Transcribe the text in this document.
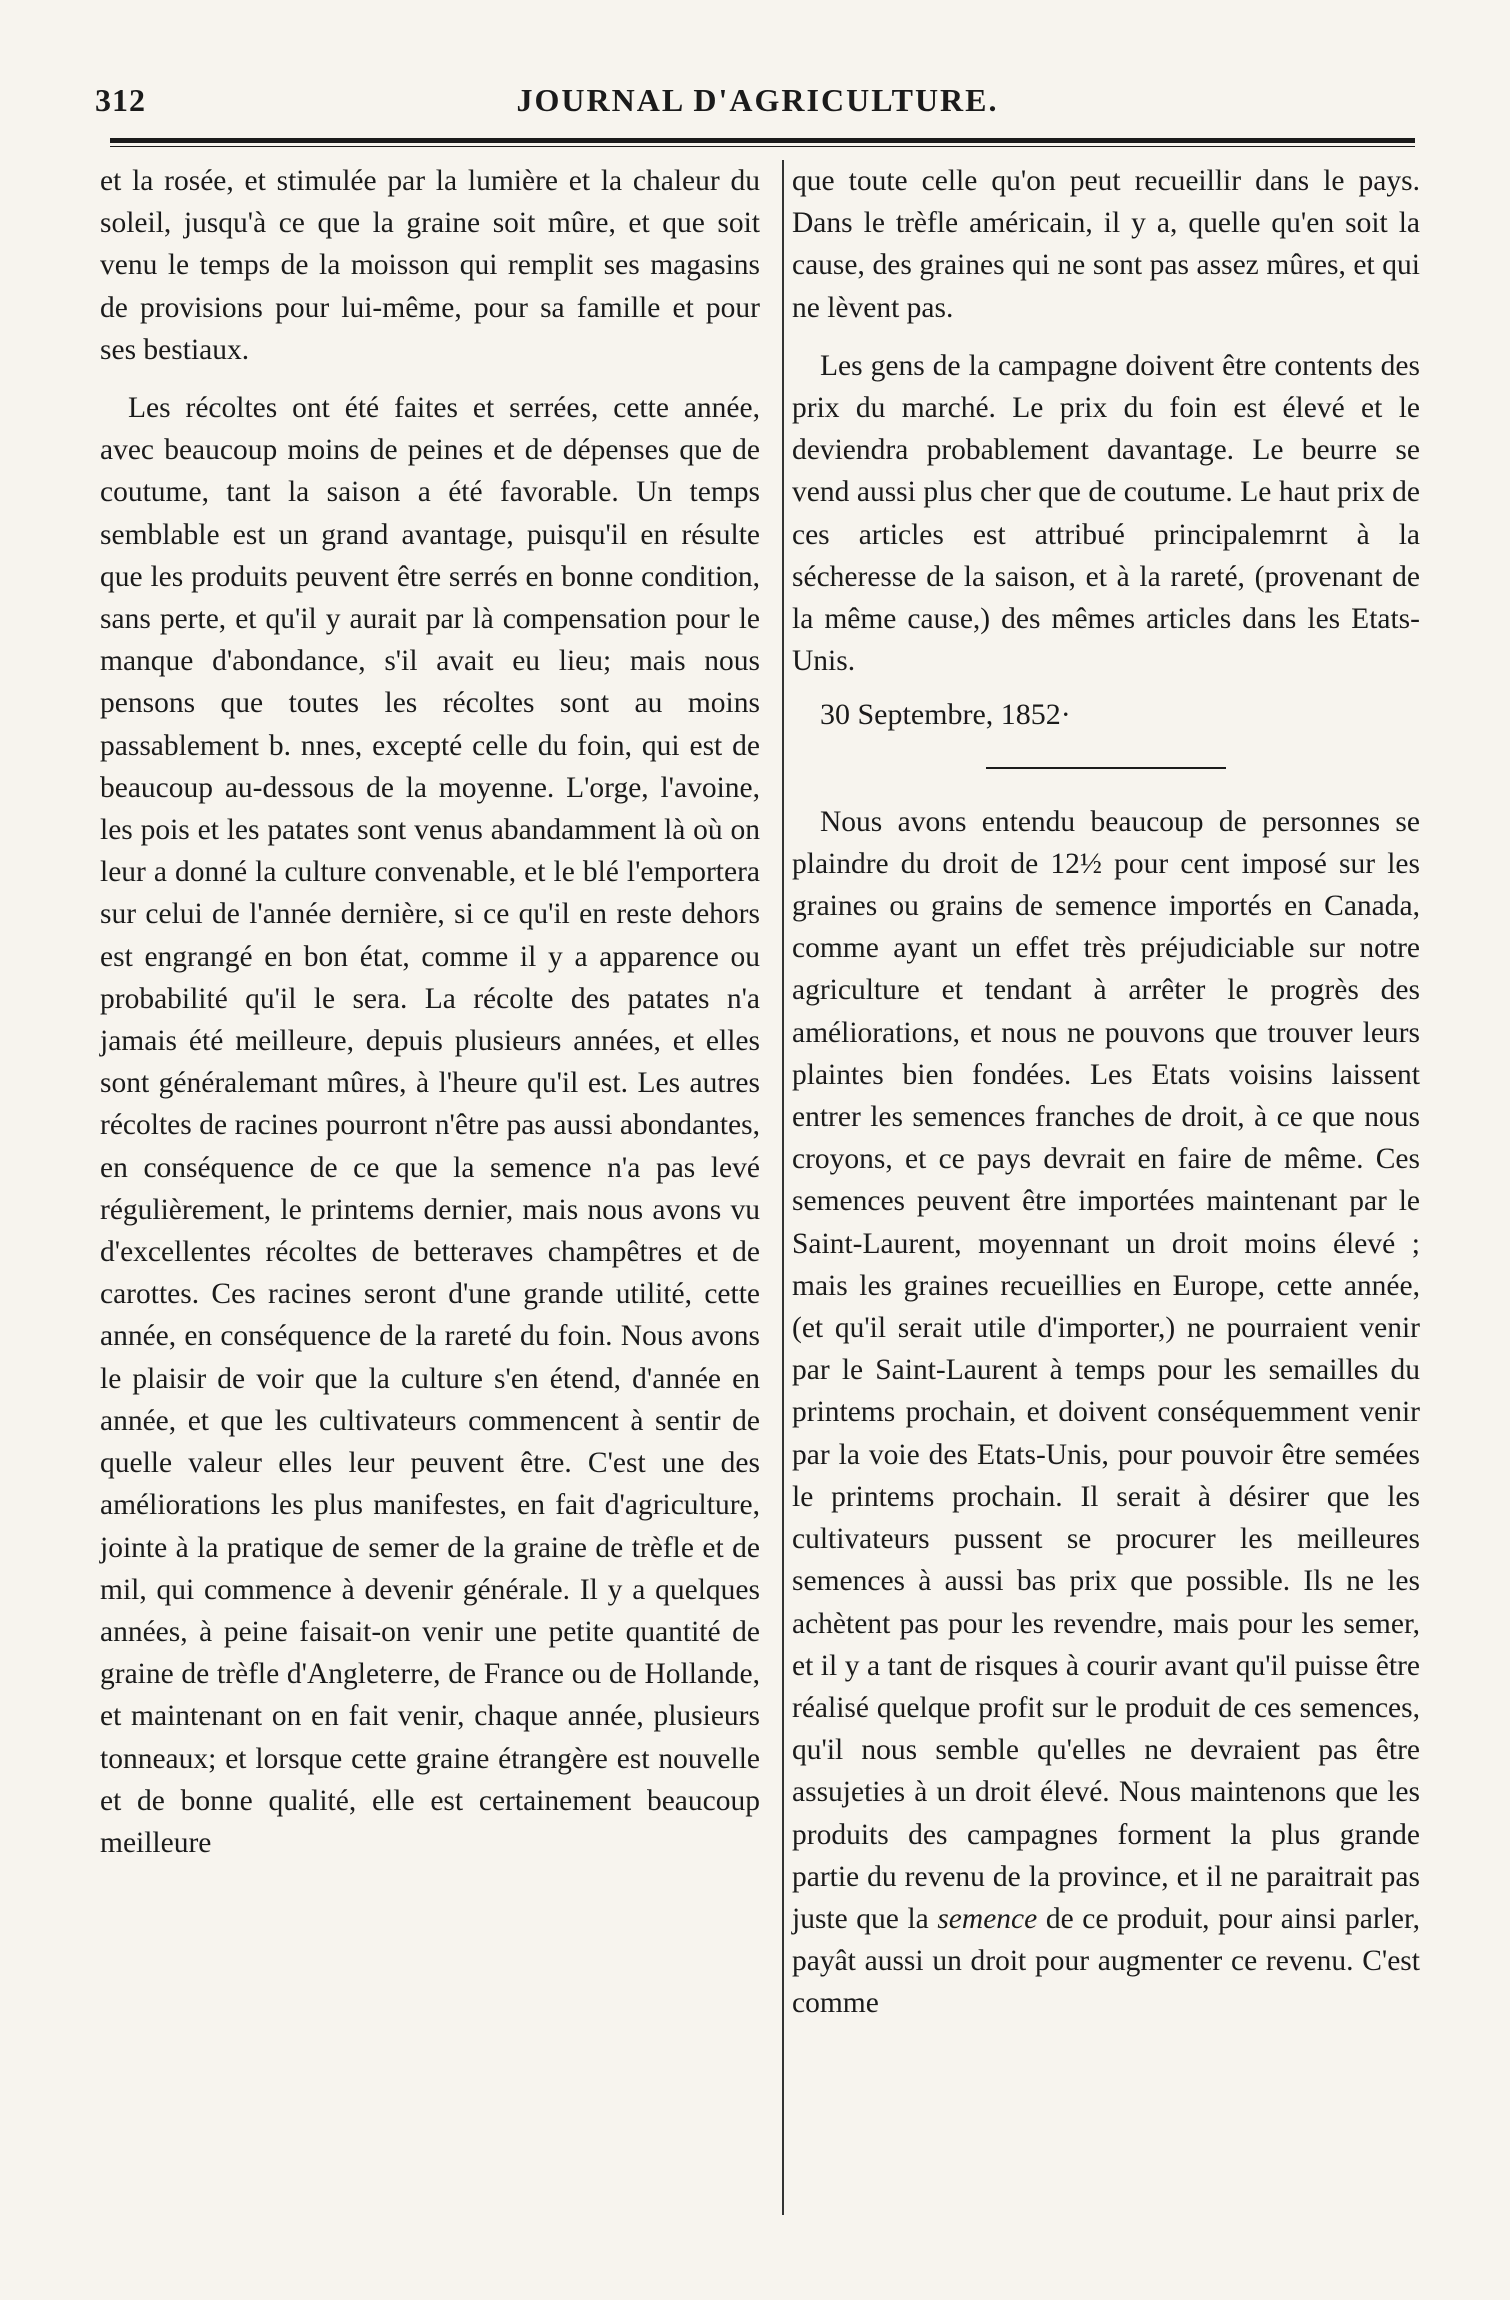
312	JOURNAL D'AGRICULTURE.

et la rosée, et stimulée par la lumière et la chaleur du soleil, jusqu'à ce que la graine soit mûre, et que soit venu le temps de la moisson qui remplit ses magasins de provisions pour lui-même, pour sa famille et pour ses bestiaux.

Les récoltes ont été faites et serrées, cette année, avec beaucoup moins de peines et de dépenses que de coutume, tant la saison a été favorable. Un temps semblable est un grand avantage, puisqu'il en résulte que les produits peuvent être serrés en bonne condition, sans perte, et qu'il y aurait par là compensation pour le manque d'abondance, s'il avait eu lieu; mais nous pensons que toutes les récoltes sont au moins passablement b. nnes, excepté celle du foin, qui est de beaucoup au-dessous de la moyenne. L'orge, l'avoine, les pois et les patates sont venus abandamment là où on leur a donné la culture convenable, et le blé l'emportera sur celui de l'année dernière, si ce qu'il en reste dehors est engrangé en bon état, comme il y a apparence ou probabilité qu'il le sera. La récolte des patates n'a jamais été meilleure, depuis plusieurs années, et elles sont généralemant mûres, à l'heure qu'il est. Les autres récoltes de racines pourront n'être pas aussi abondantes, en conséquence de ce que la semence n'a pas levé régulièrement, le printems dernier, mais nous avons vu d'excellentes récoltes de betteraves champêtres et de carottes. Ces racines seront d'une grande utilité, cette année, en conséquence de la rareté du foin. Nous avons le plaisir de voir que la culture s'en étend, d'année en année, et que les cultivateurs commencent à sentir de quelle valeur elles leur peuvent être. C'est une des améliorations les plus manifestes, en fait d'agriculture, jointe à la pratique de semer de la graine de trèfle et de mil, qui commence à devenir générale. Il y a quelques années, à peine faisait-on venir une petite quantité de graine de trèfle d'Angleterre, de France ou de Hollande, et maintenant on en fait venir, chaque année, plusieurs tonneaux; et lorsque cette graine étrangère est nouvelle et de bonne qualité, elle est certainement beaucoup meilleure

que toute celle qu'on peut recueillir dans le pays. Dans le trèfle américain, il y a, quelle qu'en soit la cause, des graines qui ne sont pas assez mûres, et qui ne lèvent pas.

Les gens de la campagne doivent être contents des prix du marché. Le prix du foin est élevé et le deviendra probablement davantage. Le beurre se vend aussi plus cher que de coutume. Le haut prix de ces articles est attribué principalemrnt à la sécheresse de la saison, et à la rareté, (provenant de la même cause,) des mêmes articles dans les Etats-Unis.

30 Septembre, 1852·

Nous avons entendu beaucoup de personnes se plaindre du droit de 12½ pour cent imposé sur les graines ou grains de semence importés en Canada, comme ayant un effet très préjudiciable sur notre agriculture et tendant à arrêter le progrès des améliorations, et nous ne pouvons que trouver leurs plaintes bien fondées. Les Etats voisins laissent entrer les semences franches de droit, à ce que nous croyons, et ce pays devrait en faire de même. Ces semences peuvent être importées maintenant par le Saint-Laurent, moyennant un droit moins élevé ; mais les graines recueillies en Europe, cette année, (et qu'il serait utile d'importer,) ne pourraient venir par le Saint-Laurent à temps pour les semailles du printems prochain, et doivent conséquemment venir par la voie des Etats-Unis, pour pouvoir être semées le printems prochain. Il serait à désirer que les cultivateurs pussent se procurer les meilleures semences à aussi bas prix que possible. Ils ne les achètent pas pour les revendre, mais pour les semer, et il y a tant de risques à courir avant qu'il puisse être réalisé quelque profit sur le produit de ces semences, qu'il nous semble qu'elles ne devraient pas être assujeties à un droit élevé. Nous maintenons que les produits des campagnes forment la plus grande partie du revenu de la province, et il ne paraitrait pas juste que la semence de ce produit, pour ainsi parler, payât aussi un droit pour augmenter ce revenu. C'est comme
